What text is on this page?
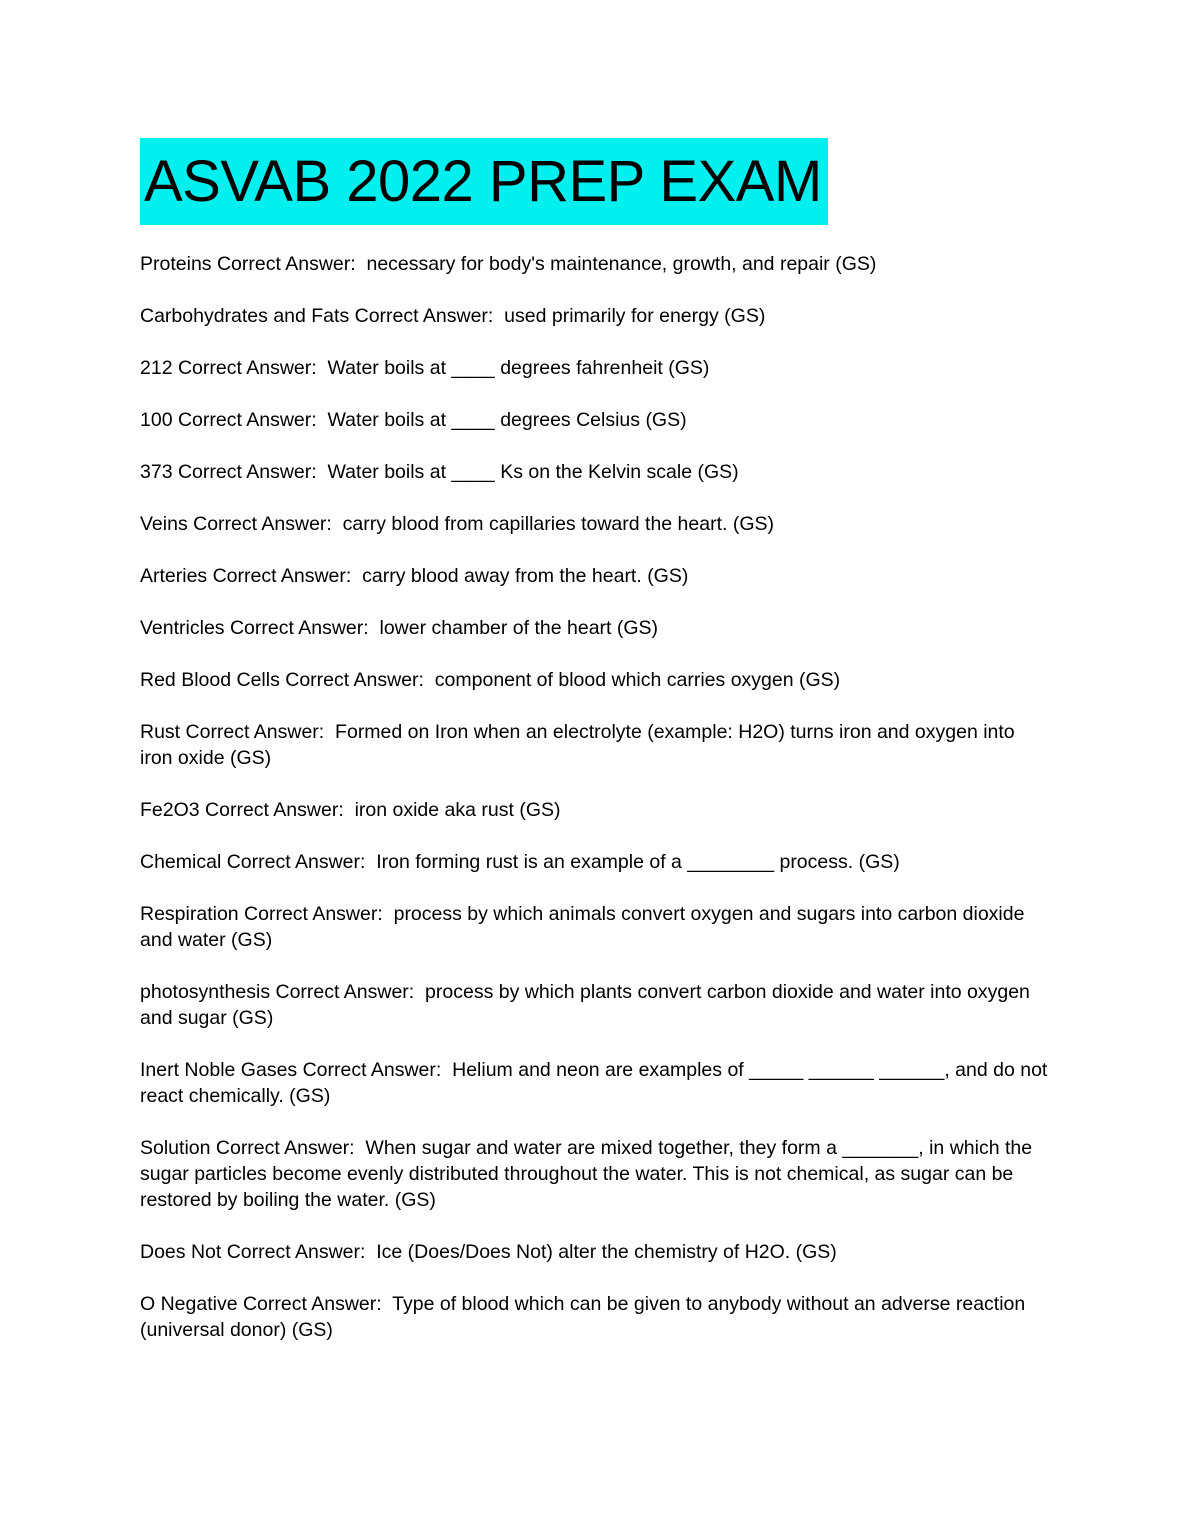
ASVAB 2022 PREP EXAM

Proteins Correct Answer:  necessary for body's maintenance, growth, and repair (GS)

Carbohydrates and Fats Correct Answer:  used primarily for energy (GS)

212 Correct Answer:  Water boils at ____ degrees fahrenheit (GS)

100 Correct Answer:  Water boils at ____ degrees Celsius (GS)

373 Correct Answer:  Water boils at ____ Ks on the Kelvin scale (GS)

Veins Correct Answer:  carry blood from capillaries toward the heart. (GS)

Arteries Correct Answer:  carry blood away from the heart. (GS)

Ventricles Correct Answer:  lower chamber of the heart (GS)

Red Blood Cells Correct Answer:  component of blood which carries oxygen (GS)

Rust Correct Answer:  Formed on Iron when an electrolyte (example: H2O) turns iron and oxygen into iron oxide (GS)

Fe2O3 Correct Answer:  iron oxide aka rust (GS)

Chemical Correct Answer:  Iron forming rust is an example of a ________ process. (GS)

Respiration Correct Answer:  process by which animals convert oxygen and sugars into carbon dioxide and water (GS)

photosynthesis Correct Answer:  process by which plants convert carbon dioxide and water into oxygen and sugar (GS)

Inert Noble Gases Correct Answer:  Helium and neon are examples of _____ ______ ______, and do not react chemically. (GS)

Solution Correct Answer:  When sugar and water are mixed together, they form a _______, in which the sugar particles become evenly distributed throughout the water. This is not chemical, as sugar can be restored by boiling the water. (GS)

Does Not Correct Answer:  Ice (Does/Does Not) alter the chemistry of H2O. (GS)

O Negative Correct Answer:  Type of blood which can be given to anybody without an adverse reaction (universal donor) (GS)
